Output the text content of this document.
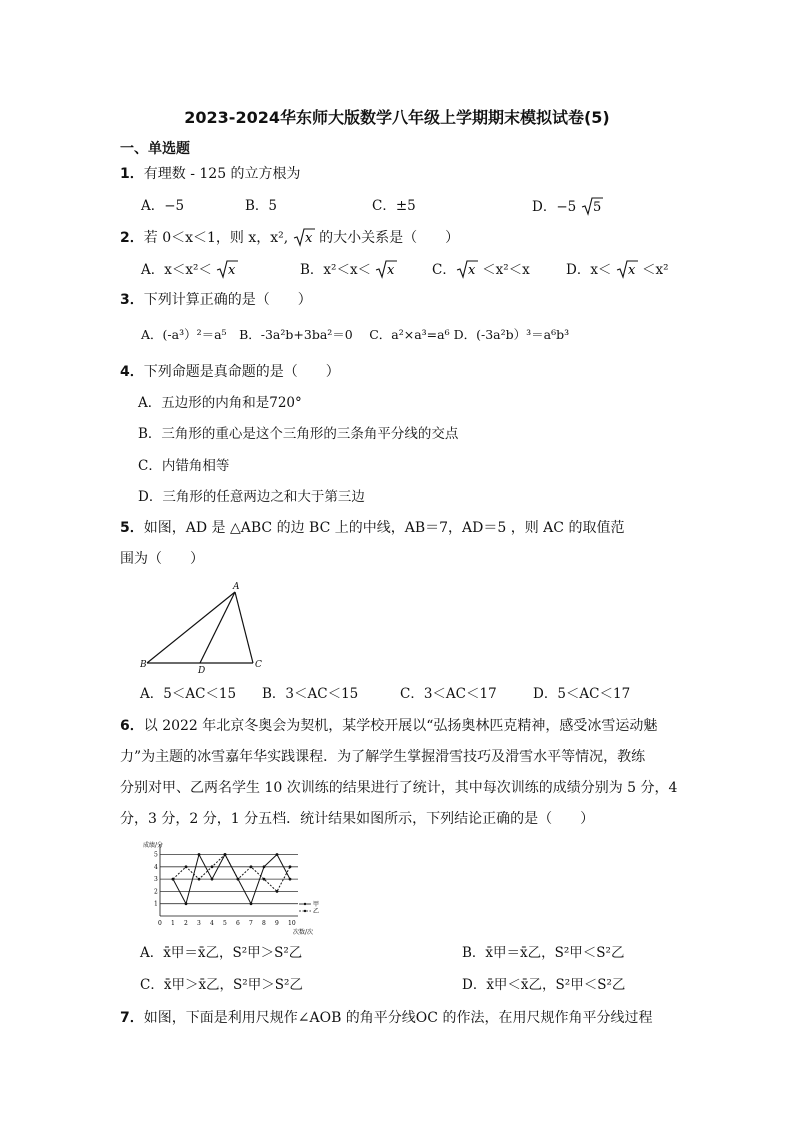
2023-2024华东师大版数学八年级上学期期末模拟试卷(5)
一、单选题
1．有理数 - 125 的立方根为
A．−5	B．5	C．±5	D．−5 5
2．若 0＜x＜1，则 x，x², x 的大小关系是（　　）
A．x＜x²＜ x	B．x²＜x＜ x	C． x ＜x²＜x	D．x＜ x ＜x²
3．下列计算正确的是（　　）
A．(-a³）²＝a⁵　B．-3a²b+3ba²＝0　 C．a²×a³=a⁶ D．(-3a²b）³＝a⁶b³
4．下列命题是真命题的是（　　）
A．五边形的内角和是720°
B．三角形的重心是这个三角形的三条角平分线的交点
C．内错角相等
D．三角形的任意两边之和大于第三边
5．如图，AD 是 △ABC 的边 BC 上的中线，AB＝7，AD＝5 ，则 AC 的取值范
围为（　　）
A
B	C
D
A．5＜AC＜15 B．3＜AC＜15	C．3＜AC＜17	D．5＜AC＜17
6．以 2022 年北京冬奥会为契机，某学校开展以“弘扬奥林匹克精神，感受冰雪运动魅
力”为主题的冰雪嘉年华实践课程．为了解学生掌握滑雪技巧及滑雪水平等情况，教练
分别对甲、乙两名学生 10 次训练的结果进行了统计，其中每次训练的成绩分别为 5 分，4
分，3 分，2 分，1 分五档．统计结果如图所示，下列结论正确的是（　　）
成绩/分
次数/次
1
2
3
4
5
0 1 2 3 4 5 6 7 8 9 10
甲
乙
A．x̄甲＝x̄乙，S²甲＞S²乙	B．x̄甲＝x̄乙，S²甲＜S²乙
C．x̄甲＞x̄乙，S²甲＞S²乙	D．x̄甲＜x̄乙，S²甲＜S²乙
7．如图，下面是利用尺规作∠AOB 的角平分线OC 的作法，在用尺规作角平分线过程
